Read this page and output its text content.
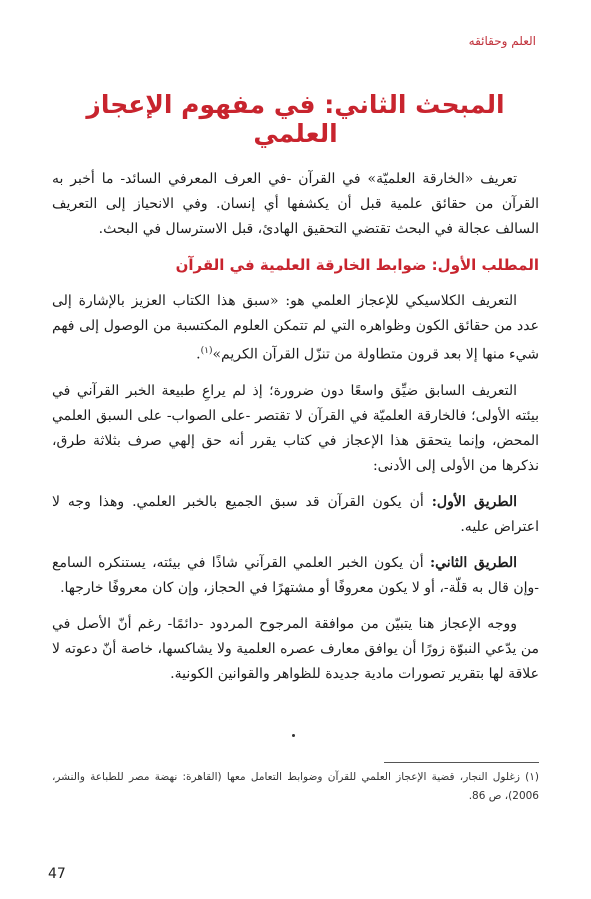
العلم وحقائقه
المبحث الثاني: في مفهوم الإعجاز العلمي

تعريف «الخارقة العلميّة» في القرآن -في العرف المعرفي السائد- ما أخبر به القرآن من حقائق علمية قبل أن يكشفها أي إنسان. وفي الانحياز إلى التعريف السالف عجالة في البحث تقتضي التحقيق الهادئ، قبل الاسترسال في البحث.

المطلب الأول: ضوابط الخارقة العلمية في القرآن

التعريف الكلاسيكي للإعجاز العلمي هو: «سبق هذا الكتاب العزيز بالإشارة إلى عدد من حقائق الكون وظواهره التي لم تتمكن العلوم المكتسبة من الوصول إلى فهم شيء منها إلا بعد قرون متطاولة من تنزّل القرآن الكريم»$^{(١)}$.

التعريف السابق ضيِّق واسعًا دون ضرورة؛ إذ لم يراعِ طبيعة الخبر القرآني في بيئته الأولى؛ فالخارقة العلميّة في القرآن لا تقتصر -على الصواب- على السبق العلمي المحض، وإنما يتحقق هذا الإعجاز في كتاب يقرر أنه حق إلهي صرف بثلاثة طرق، نذكرها من الأولى إلى الأدنى:

الطريق الأول: أن يكون القرآن قد سبق الجميع بالخبر العلمي. وهذا وجه لا اعتراض عليه.

الطريق الثاني: أن يكون الخبر العلمي القرآني شاذًا في بيئته، يستنكره السامع -وإن قال به قلّة-، أو لا يكون معروفًا أو مشتهرًا في الحجاز، وإن كان معروفًا خارجها.

ووجه الإعجاز هنا يتبيّن من موافقة المرجوح المردود -دائمًا- رغم أنّ الأصل في من يدّعي النبوّة زورًا أن يوافق معارف عصره العلمية ولا يشاكسها، خاصة أنّ دعوته لا علاقة لها بتقرير تصورات مادية جديدة للظواهر والقوانين الكونية.

(١) زغلول النجار، قضية الإعجاز العلمي للقرآن وضوابط التعامل معها (القاهرة: نهضة مصر للطباعة والنشر، 2006)، ص 86.
47
